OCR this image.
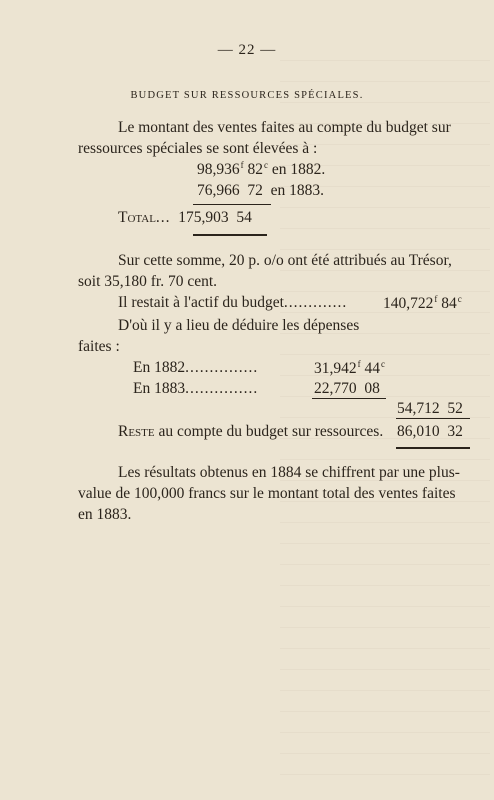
— 22 —
BUDGET SUR RESSOURCES SPÉCIALES.
Le montant des ventes faites au compte du budget sur
ressources spéciales se sont élevées à :
98,936$^f$ 82$^c$ en 1882.
76,966 72 en 1883.
Total... 175,903 54
Sur cette somme, 20 p. o/o ont été attribués au Trésor,
soit 35,180 fr. 70 cent.
Il restait à l'actif du budget............. 140,722$^f$ 84$^c$
D'où il y a lieu de déduire les dépenses
faites :
En 1882...............	31,942$^f$ 44$^c$
En 1883...............	22,770 08
54,712 52
Reste au compte du budget sur ressources. 86,010 32
Les résultats obtenus en 1884 se chiffrent par une plus-
value de 100,000 francs sur le montant total des ventes faites
en 1883.
